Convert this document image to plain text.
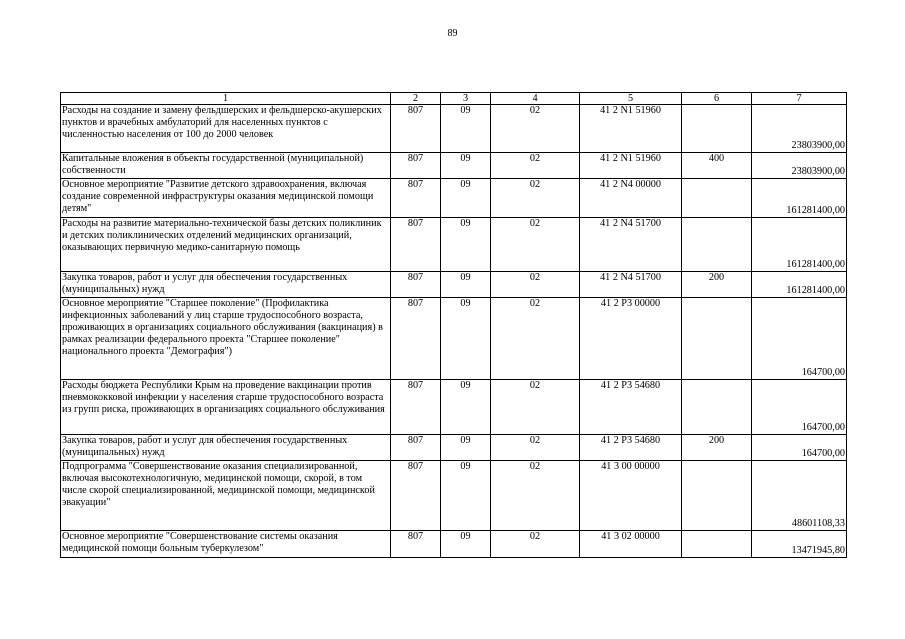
89
1	2	3	4	5	6	7
Расходы на создание и замену фельдшерских и фельдшерско-акушерских пунктов и врачебных амбулаторий для населенных пунктов с численностью населения от 100 до 2000 человек	807	09	02	41 2 N1 51960		23803900,00
Капитальные вложения в объекты государственной (муниципальной) собственности	807	09	02	41 2 N1 51960	400	23803900,00
Основное мероприятие "Развитие детского здравоохранения, включая создание современной инфраструктуры оказания медицинской помощи детям"	807	09	02	41 2 N4 00000		161281400,00
Расходы на развитие материально-технической базы детских поликлиник и детских поликлинических отделений медицинских организаций, оказывающих первичную медико-санитарную помощь	807	09	02	41 2 N4 51700		161281400,00
Закупка товаров, работ и услуг для обеспечения государственных (муниципальных) нужд	807	09	02	41 2 N4 51700	200	161281400,00
Основное мероприятие "Старшее поколение" (Профилактика инфекционных заболеваний у лиц старше трудоспособного возраста, проживающих в организациях социального обслуживания (вакцинация) в рамках реализации федерального проекта "Старшее поколение" национального проекта "Демография")	807	09	02	41 2 P3 00000		164700,00
Расходы бюджета Республики Крым на проведение вакцинации против пневмококковой инфекции у населения старше трудоспособного возраста из групп риска, проживающих в организациях социального обслуживания	807	09	02	41 2 P3 54680		164700,00
Закупка товаров, работ и услуг для обеспечения государственных (муниципальных) нужд	807	09	02	41 2 P3 54680	200	164700,00
Подпрограмма "Совершенствование оказания специализированной, включая высокотехнологичную, медицинской помощи, скорой, в том числе скорой специализированной, медицинской помощи, медицинской эвакуации"	807	09	02	41 3 00 00000		48601108,33
Основное мероприятие "Совершенствование системы оказания медицинской помощи больным туберкулезом"	807	09	02	41 3 02 00000		13471945,80
